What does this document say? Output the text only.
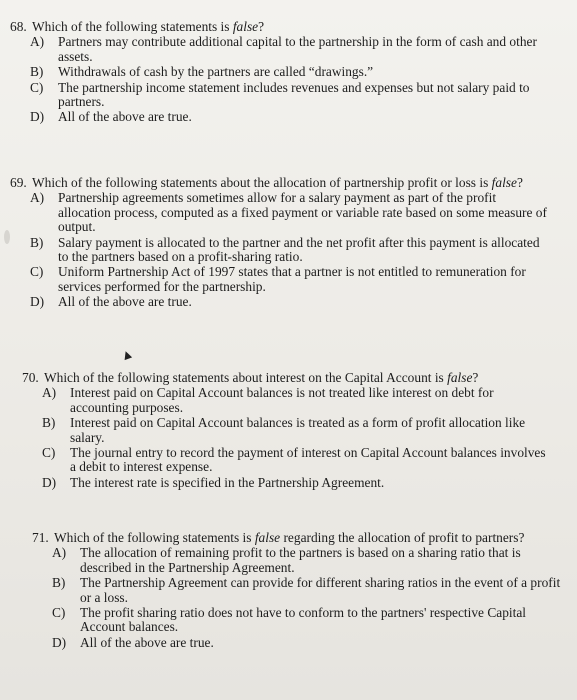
68. Which of the following statements is false?
A) Partners may contribute additional capital to the partnership in the form of cash and other assets.
B) Withdrawals of cash by the partners are called “drawings.”
C) The partnership income statement includes revenues and expenses but not salary paid to partners.
D) All of the above are true.
69. Which of the following statements about the allocation of partnership profit or loss is false?
A) Partnership agreements sometimes allow for a salary payment as part of the profit allocation process, computed as a fixed payment or variable rate based on some measure of output.
B) Salary payment is allocated to the partner and the net profit after this payment is allocated to the partners based on a profit-sharing ratio.
C) Uniform Partnership Act of 1997 states that a partner is not entitled to remuneration for services performed for the partnership.
D) All of the above are true.
70. Which of the following statements about interest on the Capital Account is false?
A) Interest paid on Capital Account balances is not treated like interest on debt for accounting purposes.
B) Interest paid on Capital Account balances is treated as a form of profit allocation like salary.
C) The journal entry to record the payment of interest on Capital Account balances involves a debit to interest expense.
D) The interest rate is specified in the Partnership Agreement.
71. Which of the following statements is false regarding the allocation of profit to partners?
A) The allocation of remaining profit to the partners is based on a sharing ratio that is described in the Partnership Agreement.
B) The Partnership Agreement can provide for different sharing ratios in the event of a profit or a loss.
C) The profit sharing ratio does not have to conform to the partners' respective Capital Account balances.
D) All of the above are true.
